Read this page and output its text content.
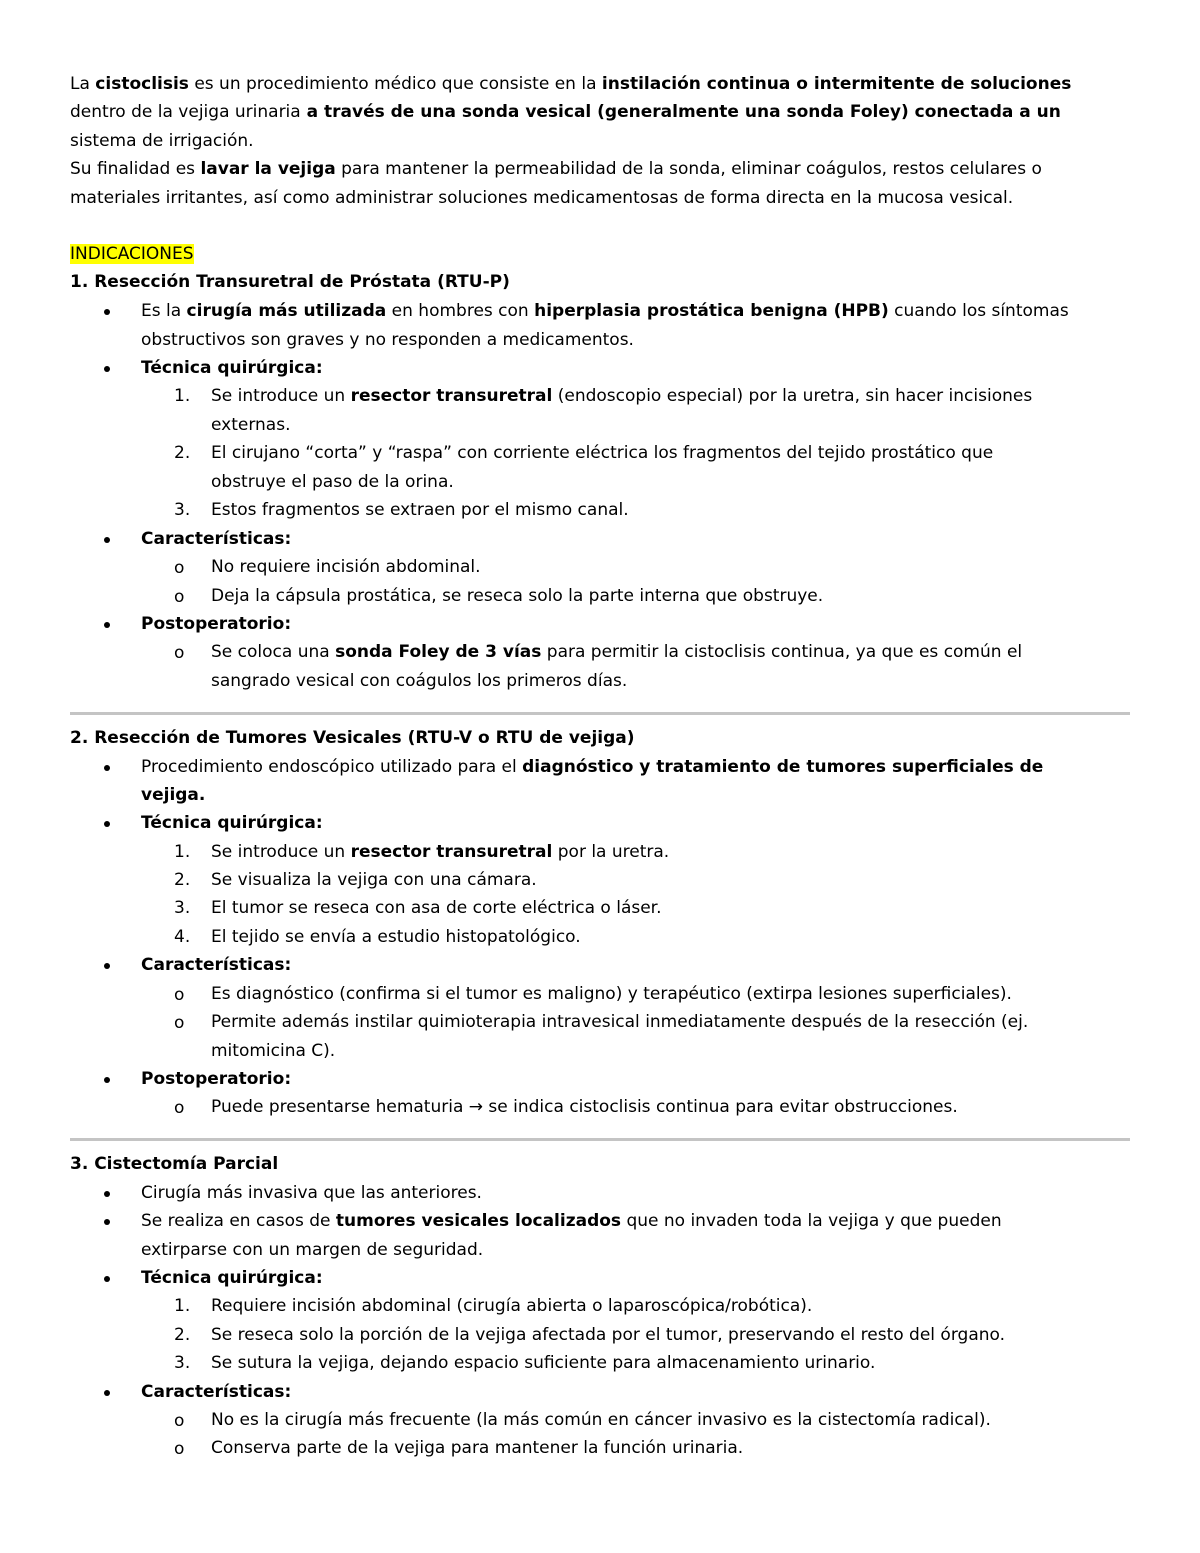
La cistoclisis es un procedimiento médico que consiste en la instilación continua o intermitente de soluciones
dentro de la vejiga urinaria a través de una sonda vesical (generalmente una sonda Foley) conectada a un
sistema de irrigación.
Su finalidad es lavar la vejiga para mantener la permeabilidad de la sonda, eliminar coágulos, restos celulares o
materiales irritantes, así como administrar soluciones medicamentosas de forma directa en la mucosa vesical.
INDICACIONES
1. Resección Transuretral de Próstata (RTU-P)
Es la cirugía más utilizada en hombres con hiperplasia prostática benigna (HPB) cuando los síntomas
obstructivos son graves y no responden a medicamentos.
Técnica quirúrgica:
1. Se introduce un resector transuretral (endoscopio especial) por la uretra, sin hacer incisiones
externas.
2. El cirujano “corta” y “raspa” con corriente eléctrica los fragmentos del tejido prostático que
obstruye el paso de la orina.
3. Estos fragmentos se extraen por el mismo canal.
Características:
o No requiere incisión abdominal.
o Deja la cápsula prostática, se reseca solo la parte interna que obstruye.
Postoperatorio:
o Se coloca una sonda Foley de 3 vías para permitir la cistoclisis continua, ya que es común el
sangrado vesical con coágulos los primeros días.
2. Resección de Tumores Vesicales (RTU-V o RTU de vejiga)
Procedimiento endoscópico utilizado para el diagnóstico y tratamiento de tumores superficiales de
vejiga.
Técnica quirúrgica:
1. Se introduce un resector transuretral por la uretra.
2. Se visualiza la vejiga con una cámara.
3. El tumor se reseca con asa de corte eléctrica o láser.
4. El tejido se envía a estudio histopatológico.
Características:
o Es diagnóstico (confirma si el tumor es maligno) y terapéutico (extirpa lesiones superficiales).
o Permite además instilar quimioterapia intravesical inmediatamente después de la resección (ej.
mitomicina C).
Postoperatorio:
o Puede presentarse hematuria → se indica cistoclisis continua para evitar obstrucciones.
3. Cistectomía Parcial
Cirugía más invasiva que las anteriores.
Se realiza en casos de tumores vesicales localizados que no invaden toda la vejiga y que pueden
extirparse con un margen de seguridad.
Técnica quirúrgica:
1. Requiere incisión abdominal (cirugía abierta o laparoscópica/robótica).
2. Se reseca solo la porción de la vejiga afectada por el tumor, preservando el resto del órgano.
3. Se sutura la vejiga, dejando espacio suficiente para almacenamiento urinario.
Características:
o No es la cirugía más frecuente (la más común en cáncer invasivo es la cistectomía radical).
o Conserva parte de la vejiga para mantener la función urinaria.
